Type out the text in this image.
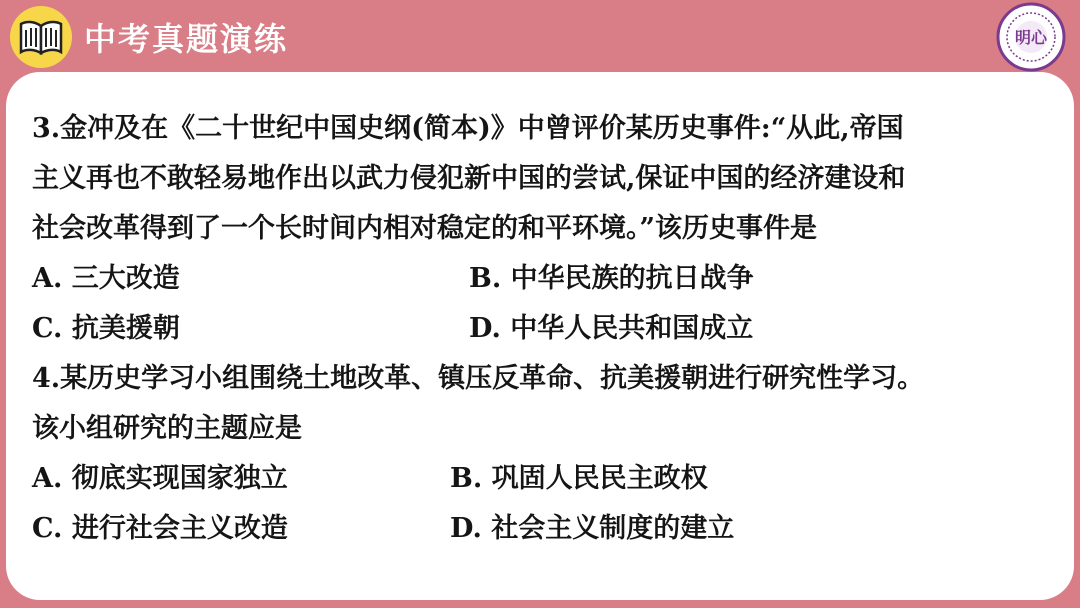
中考真题演练	明心
3.金冲及在《二十世纪中国史纲(简本)》中曾评价某历史事件:“从此,帝国
主义再也不敢轻易地作出以武力侵犯新中国的尝试,保证中国的经济建设和
社会改革得到了一个长时间内相对稳定的和平环境。”该历史事件是
A. 三大改造	B. 中华民族的抗日战争
C. 抗美援朝	D. 中华人民共和国成立
4.某历史学习小组围绕土地改革、镇压反革命、抗美援朝进行研究性学习。
该小组研究的主题应是
A. 彻底实现国家独立	B. 巩固人民民主政权
C. 进行社会主义改造	D. 社会主义制度的建立
